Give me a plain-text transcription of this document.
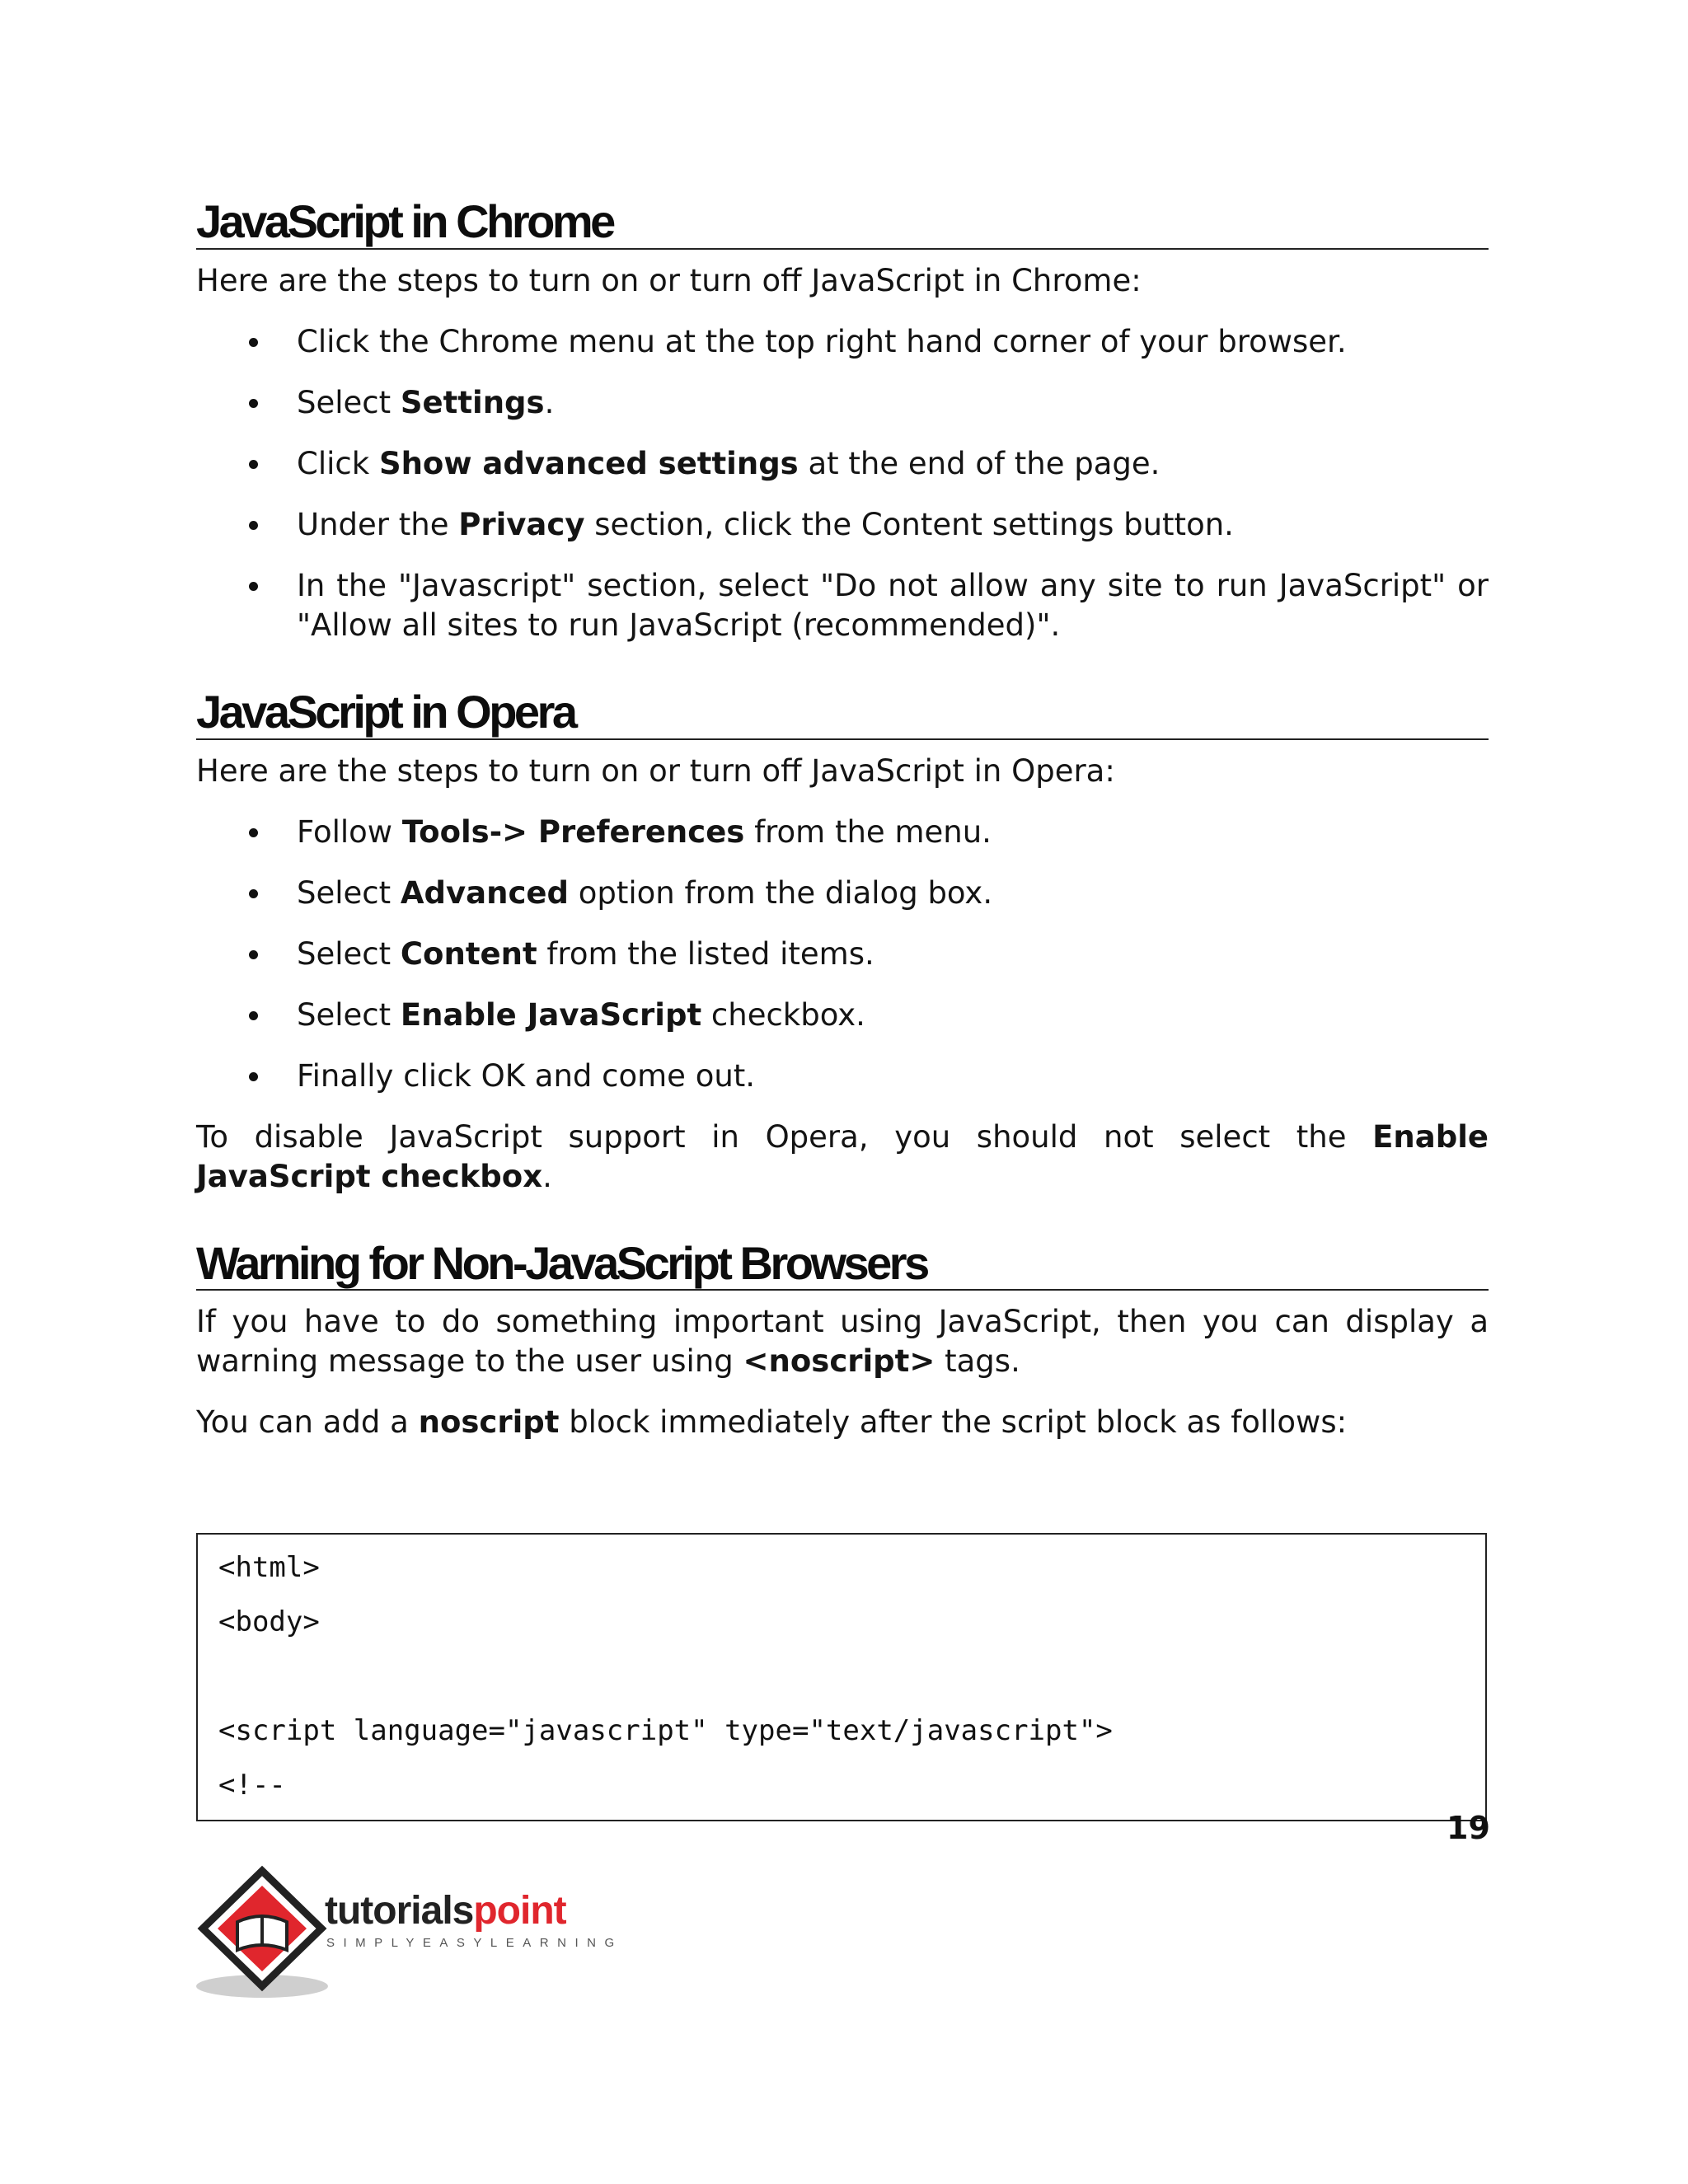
JavaScript in Chrome

Here are the steps to turn on or turn off JavaScript in Chrome:

Click the Chrome menu at the top right hand corner of your browser.
Select Settings.
Click Show advanced settings at the end of the page.
Under the Privacy section, click the Content settings button.
In the "Javascript" section, select "Do not allow any site to run JavaScript" or "Allow all sites to run JavaScript (recommended)".
JavaScript in Opera

Here are the steps to turn on or turn off JavaScript in Opera:

Follow Tools-> Preferences from the menu.
Select Advanced option from the dialog box.
Select Content from the listed items.
Select Enable JavaScript checkbox.
Finally click OK and come out.

To disable JavaScript support in Opera, you should not select the Enable JavaScript checkbox.

Warning for Non-JavaScript Browsers

If you have to do something important using JavaScript, then you can display a warning message to the user using <noscript> tags.

You can add a noscript block immediately after the script block as follows:

<html>
<body>
<script language="javascript" type="text/javascript">
<!--
19
tutorialspoint
SIMPLYEASYLEARNING
